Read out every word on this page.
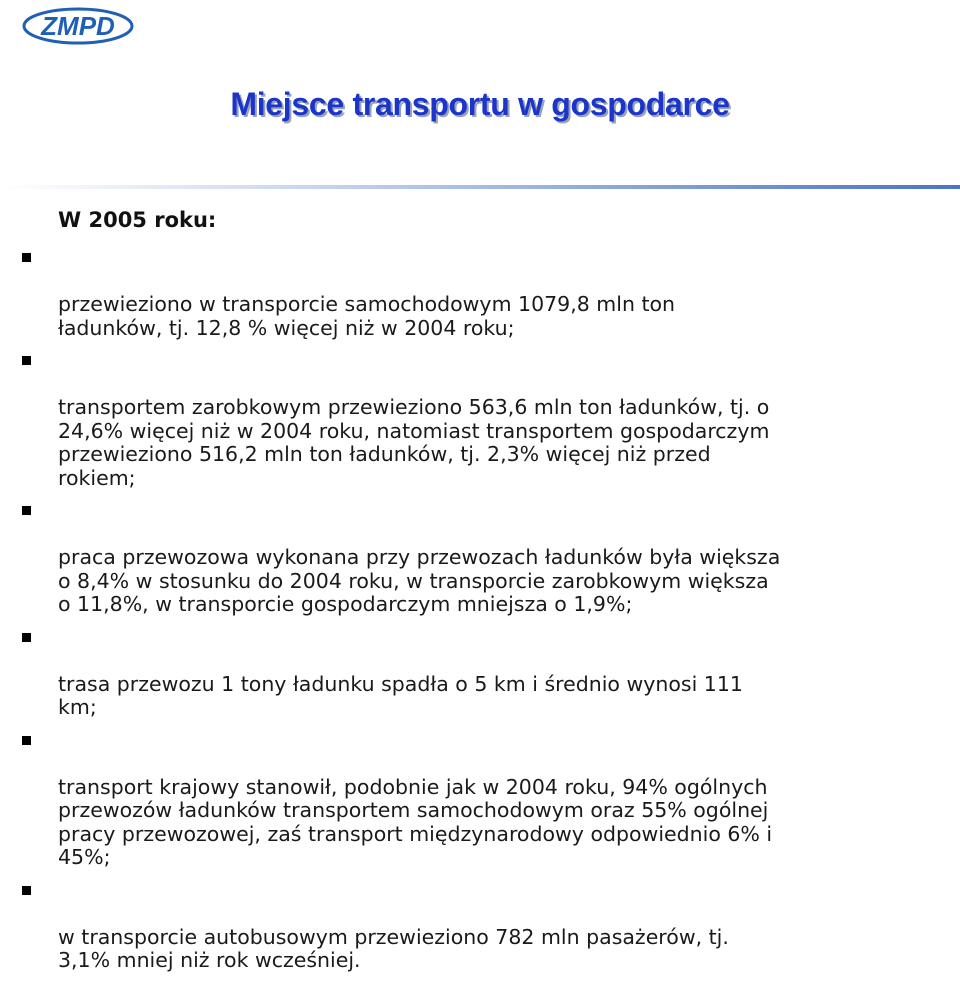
ZMPD
Miejsce transportu w gospodarce
W 2005 roku:

przewieziono w transporcie samochodowym 1079,8 mln ton
ładunków, tj. 12,8 % więcej niż w 2004 roku;

transportem zarobkowym przewieziono 563,6 mln ton ładunków, tj. o
24,6% więcej niż w 2004 roku, natomiast transportem gospodarczym
przewieziono 516,2 mln ton ładunków, tj. 2,3% więcej niż przed
rokiem;

praca przewozowa wykonana przy przewozach ładunków była większa
o 8,4% w stosunku do 2004 roku, w transporcie zarobkowym większa
o 11,8%, w transporcie gospodarczym mniejsza o 1,9%;

trasa przewozu 1 tony ładunku spadła o 5 km i średnio wynosi 111
km;

transport krajowy stanowił, podobnie jak w 2004 roku, 94% ogólnych
przewozów ładunków transportem samochodowym oraz 55% ogólnej
pracy przewozowej, zaś transport międzynarodowy odpowiednio 6% i
45%;

w transporcie autobusowym przewieziono 782 mln pasażerów, tj.
3,1% mniej niż rok wcześniej.
